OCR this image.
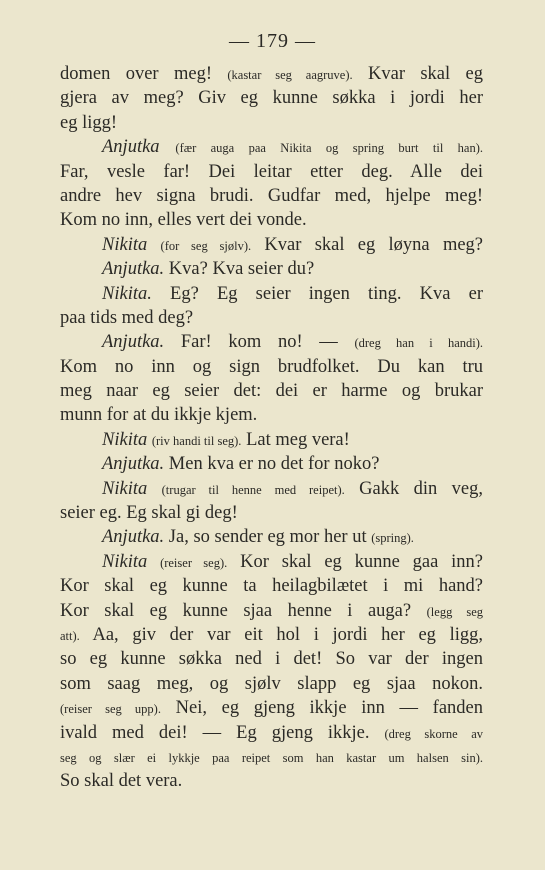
— 179 —
domen over meg! (kastar seg aagruve). Kvar skal eg
gjera av meg? Giv eg kunne søkka i jordi her
eg ligg!
Anjutka (fær auga paa Nikita og spring burt til han).
Far, vesle far! Dei leitar etter deg. Alle dei
andre hev signa brudi. Gudfar med, hjelpe meg!
Kom no inn, elles vert dei vonde.
Nikita (for seg sjølv). Kvar skal eg løyna meg?
Anjutka. Kva? Kva seier du?
Nikita. Eg? Eg seier ingen ting. Kva er
paa tids med deg?
Anjutka. Far! kom no! — (dreg han i handi).
Kom no inn og sign brudfolket. Du kan tru
meg naar eg seier det: dei er harme og brukar
munn for at du ikkje kjem.
Nikita (riv handi til seg). Lat meg vera!
Anjutka. Men kva er no det for noko?
Nikita (trugar til henne med reipet). Gakk din veg,
seier eg. Eg skal gi deg!
Anjutka. Ja, so sender eg mor her ut (spring).
Nikita (reiser seg). Kor skal eg kunne gaa inn?
Kor skal eg kunne ta heilagbilætet i mi hand?
Kor skal eg kunne sjaa henne i auga? (legg seg
att). Aa, giv der var eit hol i jordi her eg ligg,
so eg kunne søkka ned i det! So var der ingen
som saag meg, og sjølv slapp eg sjaa nokon.
(reiser seg upp). Nei, eg gjeng ikkje inn — fanden
ivald med dei! — Eg gjeng ikkje. (dreg skorne av
seg og slær ei lykkje paa reipet som han kastar um halsen sin).
So skal det vera.
